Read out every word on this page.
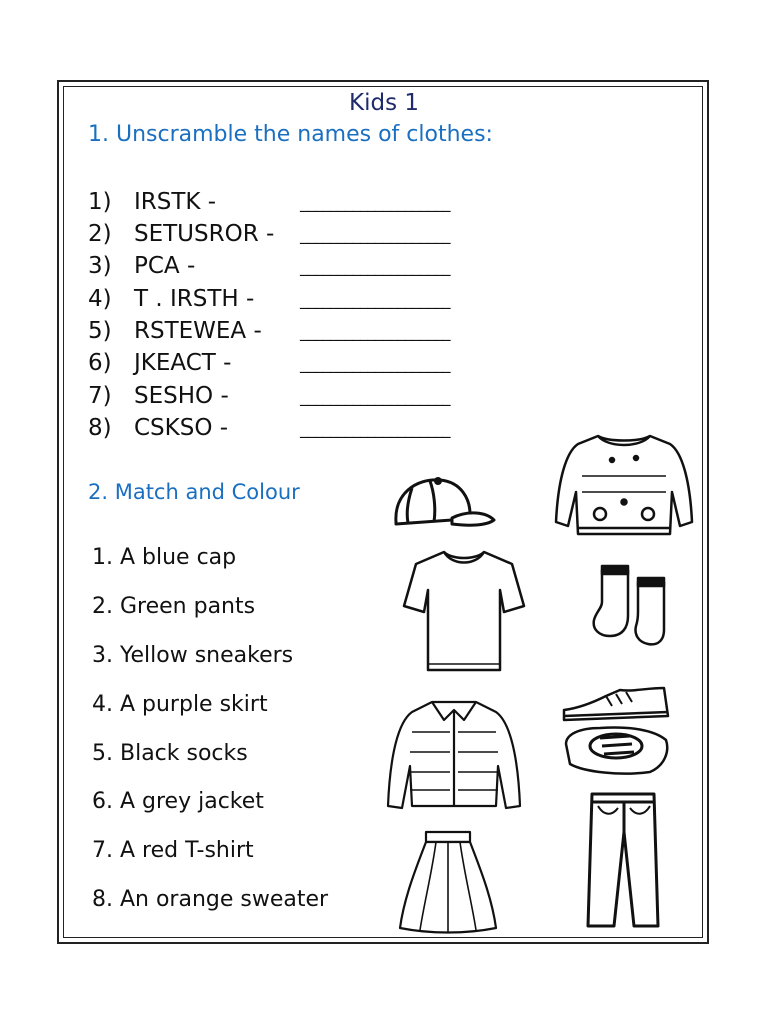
Kids 1
1. Unscramble the names of clothes:
1) IRSTK -	____________________
2) SETUSROR -	____________________
3) PCA -	____________________
4) T . IRSTH -	____________________
5) RSTEWEA -	____________________
6) JKEACT -	____________________
7) SESHO -	____________________
8) CSKSO -	____________________
2. Match and Colour
1. A blue cap
2. Green pants
3. Yellow sneakers
4. A purple skirt
5. Black socks
6. A grey jacket
7. A red T-shirt
8. An orange sweater
